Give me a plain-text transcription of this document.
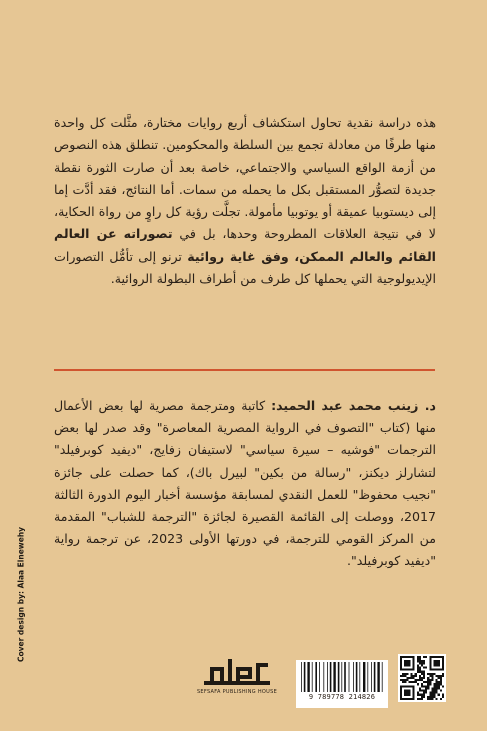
هذه دراسة نقدية تحاول استكشاف أربع روايات مختارة، مثَّلت كل واحدة منها طرفًا من معادلة تجمع بين السلطة والمحكومين. تنطلق هذه النصوص من أزمة الواقع السياسي والاجتماعي، خاصة بعد أن صارت الثورة نقطة جديدة لتصوُّر المستقبل بكل ما يحمله من سمات. أما النتائج، فقد أدَّت إما إلى ديستوبيا عميقة أو يوتوبيا مأمولة. تجلَّت رؤية كل راوٍ من رواة الحكاية، لا في نتيجة العلاقات المطروحة وحدها، بل في تصوراته عن العالم القائم والعالم الممكن، وفق غاية روائية ترنو إلى تأمُّل التصورات الإيديولوجية التي يحملها كل طرف من أطراف البطولة الروائية.
د. زينب محمد عبد الحميد: كاتبة ومترجمة مصرية لها بعض الأعمال منها (كتاب "التصوف في الرواية المصرية المعاصرة" وقد صدر لها بعض الترجمات "فوشيه – سيرة سياسي" لاستيفان زفايج، "ديفيد كوبرفيلد" لتشارلز ديكنز، "رسالة من بكين" لبيرل باك)، كما حصلت على جائزة "نجيب محفوظ" للعمل النقدي لمسابقة مؤسسة أخبار اليوم الدورة الثالثة 2017، ووصلت إلى القائمة القصيرة لجائزة "الترجمة للشباب" المقدمة من المركز القومي للترجمة، في دورتها الأولى 2023، عن ترجمة رواية "ديفيد كوبرفيلد".
Cover design by: Alaa Elnewehy
SEFSAFA PUBLISHING HOUSE
9 789778 214826
